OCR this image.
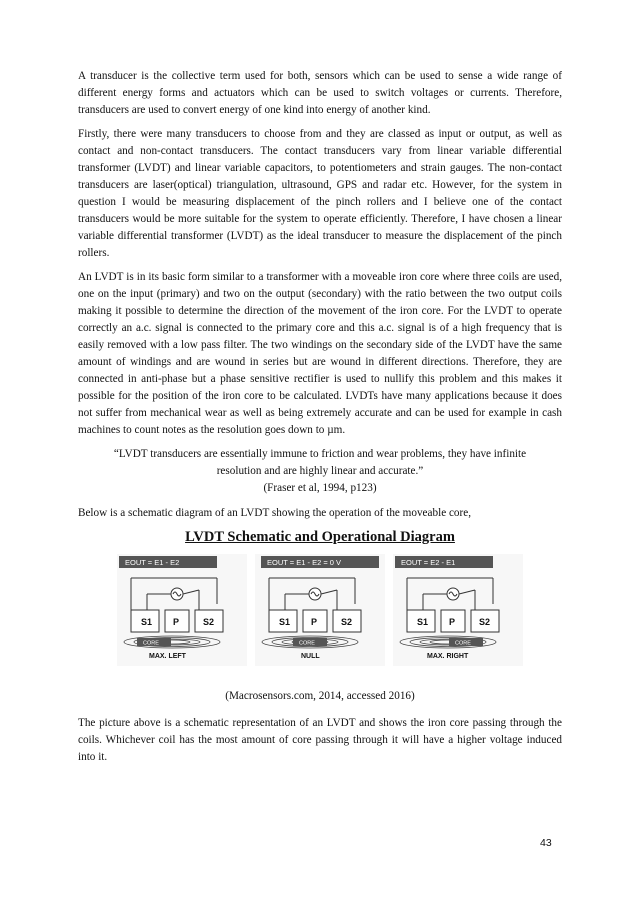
A transducer is the collective term used for both, sensors which can be used to sense a wide range of different energy forms and actuators which can be used to switch voltages or currents. Therefore, transducers are used to convert energy of one kind into energy of another kind.

Firstly, there were many transducers to choose from and they are classed as input or output, as well as contact and non-contact transducers. The contact transducers vary from linear variable differential transformer (LVDT) and linear variable capacitors, to potentiometers and strain gauges. The non-contact transducers are laser(optical) triangulation, ultrasound, GPS and radar etc. However, for the system in question I would be measuring displacement of the pinch rollers and I believe one of the contact transducers would be more suitable for the system to operate efficiently. Therefore, I have chosen a linear variable differential transformer (LVDT) as the ideal transducer to measure the displacement of the pinch rollers.

An LVDT is in its basic form similar to a transformer with a moveable iron core where three coils are used, one on the input (primary) and two on the output (secondary) with the ratio between the two output coils making it possible to determine the direction of the movement of the iron core. For the LVDT to operate correctly an a.c. signal is connected to the primary core and this a.c. signal is of a high frequency that is easily removed with a low pass filter. The two windings on the secondary side of the LVDT have the same amount of windings and are wound in series but are wound in different directions. Therefore, they are connected in anti-phase but a phase sensitive rectifier is used to nullify this problem and this makes it possible for the position of the iron core to be calculated. LVDTs have many applications because it does not suffer from mechanical wear as well as being extremely accurate and can be used for example in cash machines to count notes as the resolution goes down to µm.

“LVDT transducers are essentially immune to friction and wear problems, they have infinite
resolution and are highly linear and accurate.”
(Fraser et al, 1994, p123)

Below is a schematic diagram of an LVDT showing the operation of the moveable core,

LVDT Schematic and Operational Diagram
EOUT = E1 - E2
S1 P	S2
CORE
MAX. LEFT
EOUT = E1 - E2 = 0 V
S1 P	S2
CORE
NULL
EOUT = E2 - E1
S1 P	S2
CORE
MAX. RIGHT
(Macrosensors.com, 2014, accessed 2016)

The picture above is a schematic representation of an LVDT and shows the iron core passing through the coils. Whichever coil has the most amount of core passing through it will have a higher voltage induced into it.

43
